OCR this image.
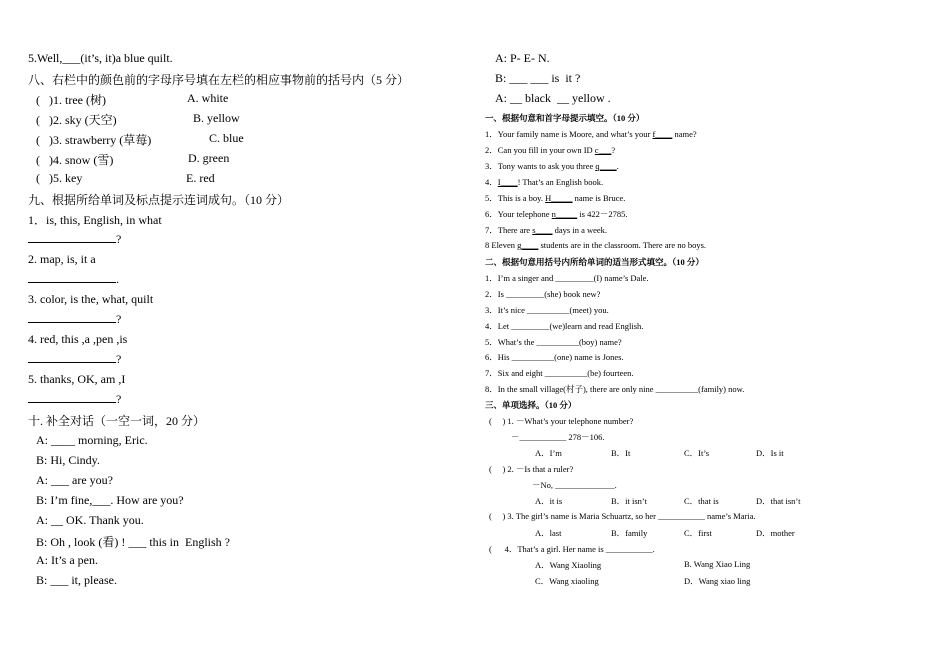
5.Well,___(it’s, it)a blue quilt.
八、右栏中的颜色前的字母序号填在左栏的相应事物前的括号内（5 分）
(   )1. tree (树)	A. white
(   )2. sky (天空)	B. yellow
(   )3. strawberry (草莓)	C. blue
(   )4. snow (雪)	D. green
(   )5. key	E. red
九、根据所给单词及标点提示连词成句。（10 分）
1．is, this, English, in what
?
2. map, is, it a
.
3. color, is the, what, quilt
?
4. red, this ,a ,pen ,is
?
5. thanks, OK, am ,I
?
十. 补全对话（一空一词，20 分）
A: ____ morning, Eric.
B: Hi, Cindy.
A: ___ are you?
B: I’m fine,___. How are you?
A: __ OK. Thank you.
B: Oh , look (看) ! ___ this in  English ?
A: It’s a pen.
B: ___ it, please.
A: P- E- N.
B: ___ ___ is  it ?
A: __ black  __ yellow .
一、根据句意和首字母提示填空。（10 分）
1．Your family name is Moore, and what’s your f____ name?
2．Can you fill in your own ID c___?
3．Tony wants to ask you three q____.
4．I____! That’s an English book.
5．This is a boy. H_____ name is Bruce.
6．Your telephone n_____ is 422－2785.
7．There are s____ days in a week.
8 Eleven g____ students are in the classroom. There are no boys.
二、根据句意用括号内所给单词的适当形式填空。（10 分）
1．I’m a singer and _________(I) name’s Dale.
2．Is _________(she) book new?
3．It’s nice __________(meet) you.
4．Let _________(we)learn and read English.
5．What’s the __________(boy) name?
6．His __________(one) name is Jones.
7．Six and eight __________(be) fourteen.
8．In the small village(村子), there are only nine __________(family) now.
三、单项选择。（10 分）
(     ) 1. －What’s your telephone number?
－___________ 278－106.
A．I’m	B．It	C．It’s	D．Is it
(     ) 2. －Is that a ruler?
－No, ______________.
A．it is	B．it isn’t	C．that is	D．that isn’t
(     ) 3. The girl’s name is Maria Schuartz, so her ___________ name’s Maria.
A．last	B．family	C．first	D．mother
(      4．That’s a girl. Her name is ___________.
A．Wang Xiaoling	B. Wang Xiao Ling
C．Wang xiaoling	D．Wang xiao ling
